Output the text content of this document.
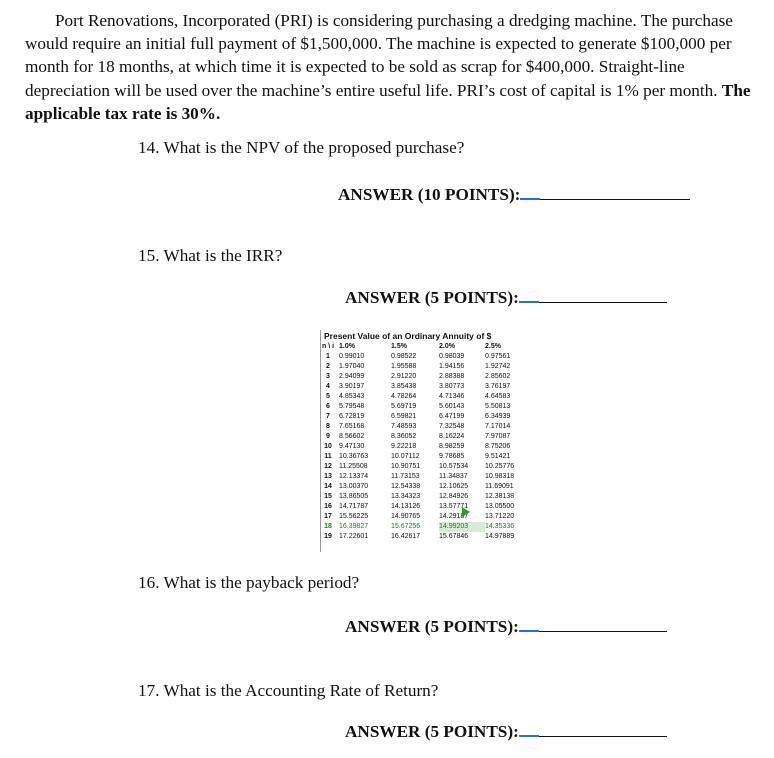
Port Renovations, Incorporated (PRI) is considering purchasing a dredging machine. The purchase would require an initial full payment of $1,500,000. The machine is expected to generate $100,000 per month for 18 months, at which time it is expected to be sold as scrap for $400,000. Straight-line depreciation will be used over the machine’s entire useful life. PRI’s cost of capital is 1% per month. The applicable tax rate is 30%.

14. What is the NPV of the proposed purchase?
ANSWER (10 POINTS):
15. What is the IRR?
ANSWER (5 POINTS):
Present Value of an Ordinary Annuity of $
n \ i	1.0%	1.5%	2.0%	2.5%
1	0.99010	0.98522	0.98039	0.97561
2	1.97040	1.95588	1.94156	1.92742
3	2.94099	2.91220	2.88388	2.85602
4	3.90197	3.85438	3.80773	3.76197
5	4.85343	4.78264	4.71346	4.64583
6	5.79548	5.69719	5.60143	5.50813
7	6.72819	6.59821	6.47199	6.34939
8	7.65168	7.48593	7.32548	7.17014
9	8.56602	8.36052	8.16224	7.97087
10	9.47130	9.22218	8.98259	8.75206
11	10.36763	10.07112	9.78685	9.51421
12	11.25508	10.90751	10.57534	10.25776
13	12.13374	11.73153	11.34837	10.98318
14	13.00370	12.54338	12.10625	11.69091
15	13.86505	13.34323	12.84926	12.38138
16	14.71787	14.13126	13.57771	13.05500
17	15.56225	14.90765	14.29187	13.71220
18	16.39827	15.67256	14.99203	14.35336
19	17.22601	16.42617	15.67846	14.97889
16. What is the payback period?
ANSWER (5 POINTS):
17. What is the Accounting Rate of Return?
ANSWER (5 POINTS):
